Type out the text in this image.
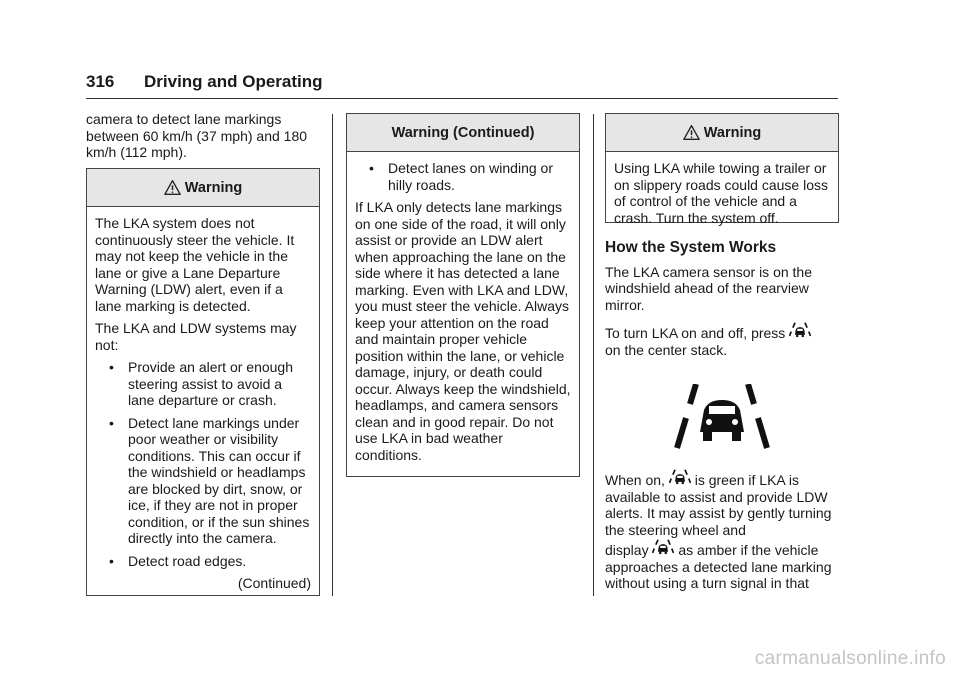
316 Driving and Operating

camera to detect lane markings between 60 km/h (37 mph) and 180 km/h (112 mph).

Warning

The LKA system does not continuously steer the vehicle. It may not keep the vehicle in the lane or give a Lane Departure Warning (LDW) alert, even if a lane marking is detected.

The LKA and LDW systems may not:

• Provide an alert or enough steering assist to avoid a lane departure or crash.
• Detect lane markings under poor weather or visibility conditions. This can occur if the windshield or headlamps are blocked by dirt, snow, or ice, if they are not in proper condition, or if the sun shines directly into the camera.
• Detect road edges.
(Continued)
Warning (Continued)
• Detect lanes on winding or hilly roads.

If LKA only detects lane markings on one side of the road, it will only assist or provide an LDW alert when approaching the lane on the side where it has detected a lane marking. Even with LKA and LDW, you must steer the vehicle. Always keep your attention on the road and maintain proper vehicle position within the lane, or vehicle damage, injury, or death could occur. Always keep the windshield, headlamps, and camera sensors clean and in good repair. Do not use LKA in bad weather conditions.

Warning

Using LKA while towing a trailer or on slippery roads could cause loss of control of the vehicle and a crash. Turn the system off.

How the System Works

The LKA camera sensor is on the windshield ahead of the rearview mirror.

To turn LKA on and off, press
on the center stack.

When on, is green if LKA is available to assist and provide LDW alerts. It may assist by gently turning the steering wheel and

display as amber if the vehicle approaches a detected lane marking without using a turn signal in that

carmanualsonline.info
